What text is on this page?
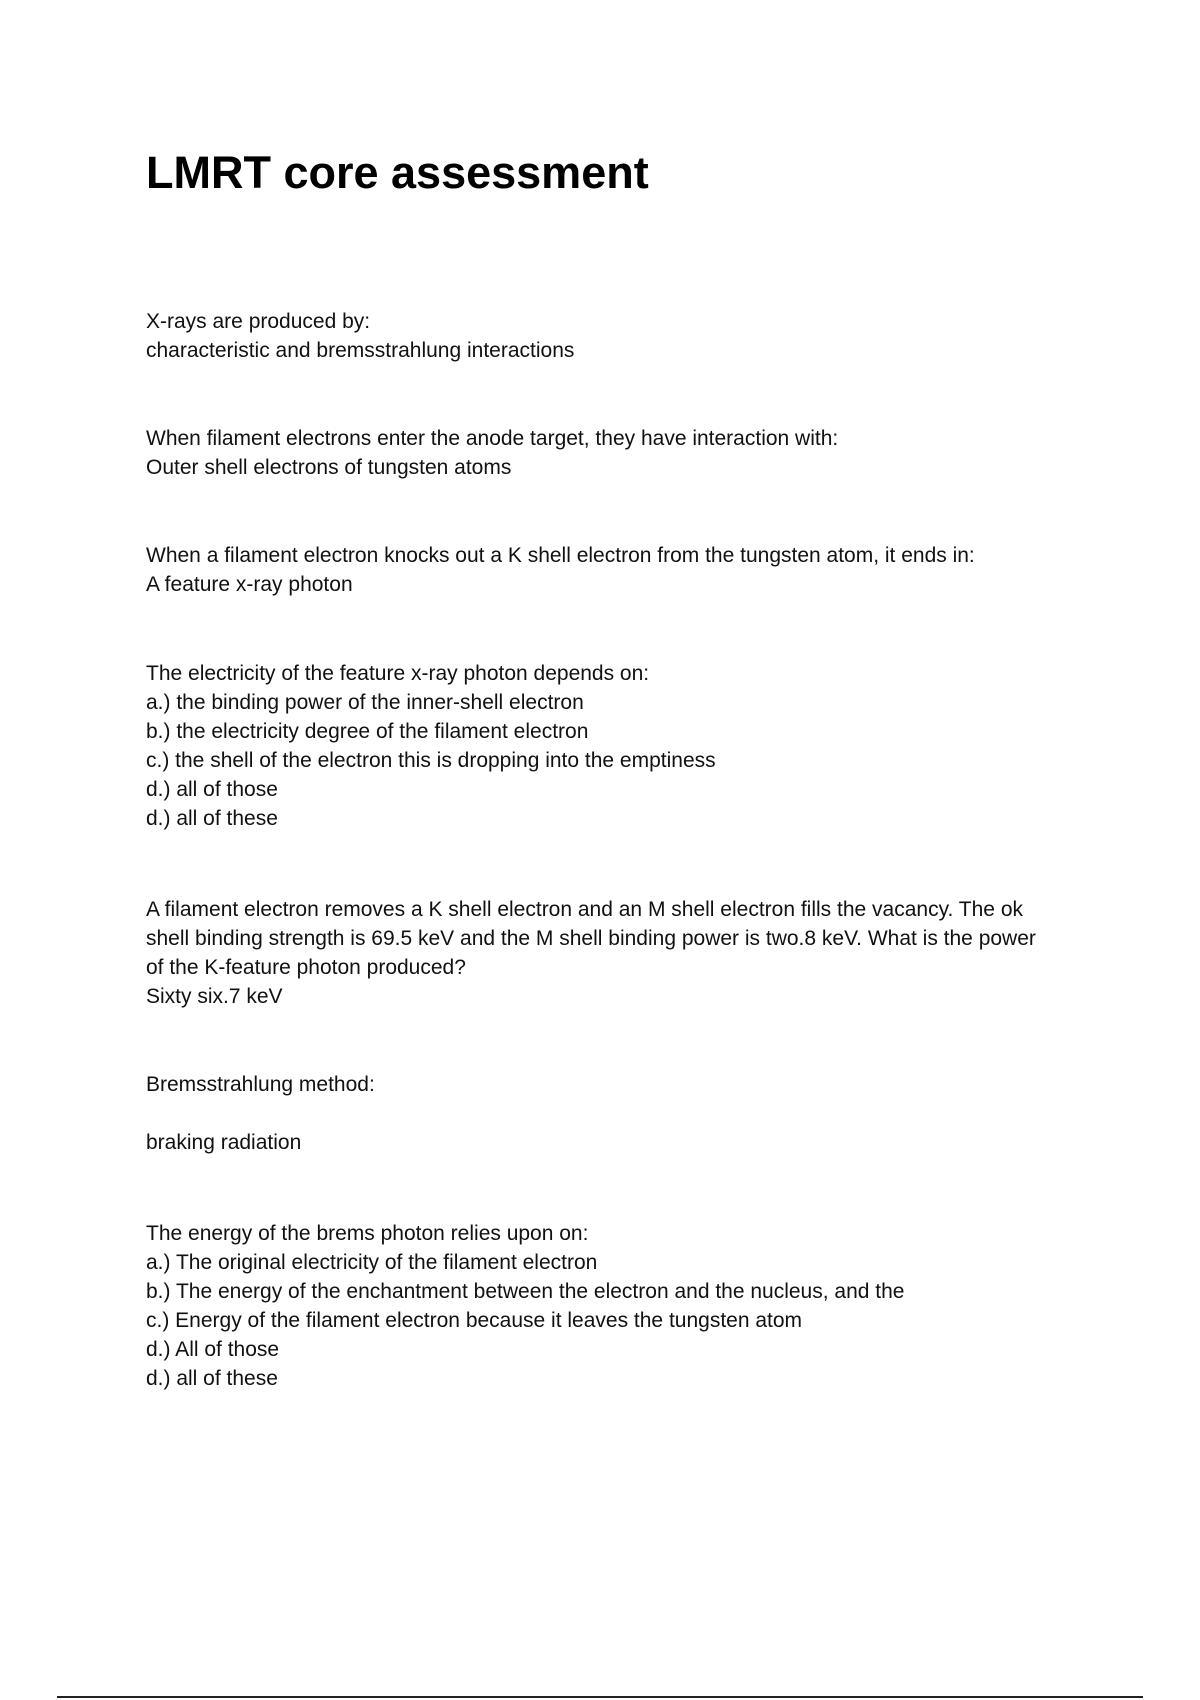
LMRT core assessment

X-rays are produced by:

characteristic and bremsstrahlung interactions

When filament electrons enter the anode target, they have interaction with:

Outer shell electrons of tungsten atoms

When a filament electron knocks out a K shell electron from the tungsten atom, it ends in:

A feature x-ray photon

The electricity of the feature x-ray photon depends on:

a.) the binding power of the inner-shell electron

b.) the electricity degree of the filament electron

c.) the shell of the electron this is dropping into the emptiness

d.) all of those

d.) all of these

A filament electron removes a K shell electron and an M shell electron fills the vacancy. The ok

shell binding strength is 69.5 keV and the M shell binding power is two.8 keV. What is the power

of the K-feature photon produced?

Sixty six.7 keV

Bremsstrahlung method:

braking radiation

The energy of the brems photon relies upon on:

a.) The original electricity of the filament electron

b.) The energy of the enchantment between the electron and the nucleus, and the

c.) Energy of the filament electron because it leaves the tungsten atom

d.) All of those

d.) all of these
